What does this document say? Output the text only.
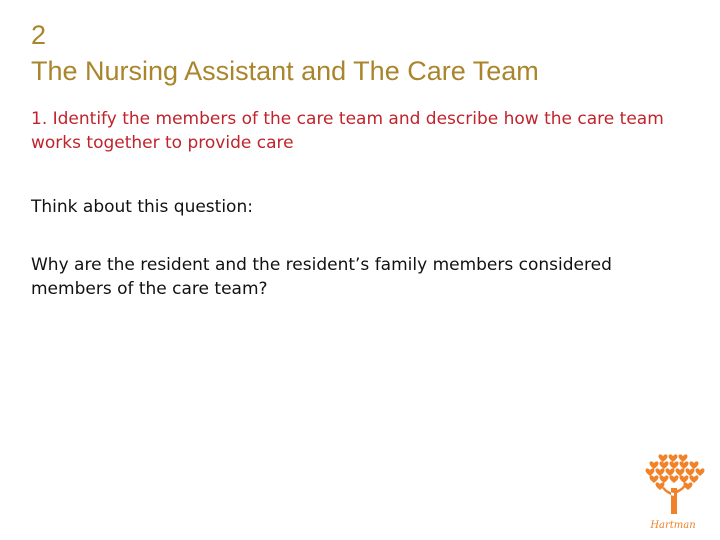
2
The Nursing Assistant and The Care Team
1. Identify the members of the care team and describe how the care team works together to provide care
Think about this question:
Why are the resident and the resident’s family members considered members of the care team?
Hartman
